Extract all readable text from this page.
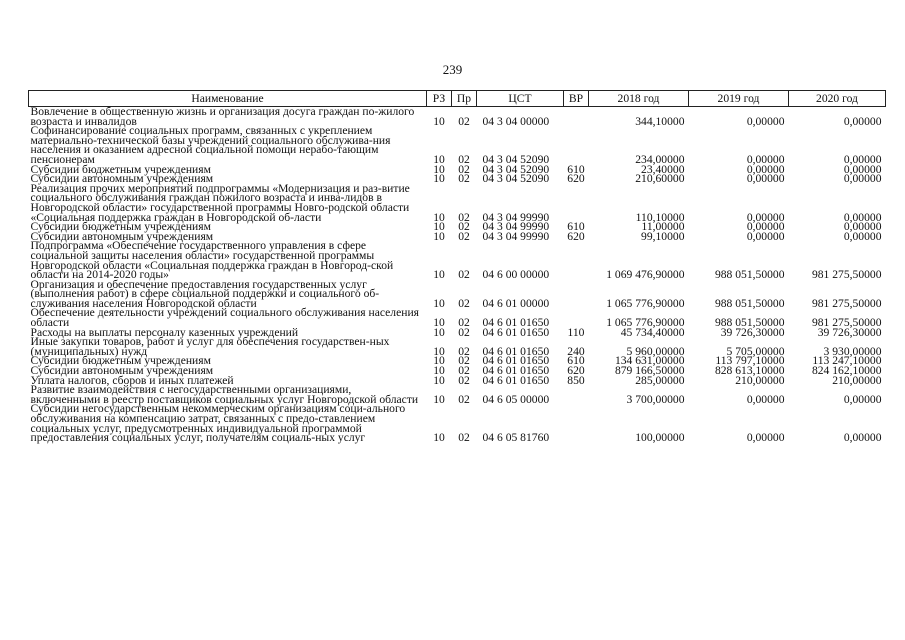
239
Наименование	РЗ	Пр	ЦСТ	ВР	2018 год	2019 год	2020 год
Вовлечение в общественную жизнь и организация досуга граждан по-жилого возраста и инвалидов	10	02	04 3 04 00000		344,10000	0,00000	0,00000
Софинансирование социальных программ, связанных с укреплением материально-технической базы учреждений социального обслужива-ния населения и оказанием адресной социальной помощи нерабо-тающим пенсионерам	10	02	04 3 04 52090		234,00000	0,00000	0,00000
Субсидии бюджетным учреждениям	10	02	04 3 04 52090	610	23,40000	0,00000	0,00000
Субсидии автономным учреждениям	10	02	04 3 04 52090	620	210,60000	0,00000	0,00000
Реализация прочих мероприятий подпрограммы «Модернизация и раз-витие социального обслуживания граждан пожилого возраста и инва-лидов в Новгородской области» государственной программы Новго-родской области «Социальная поддержка граждан в Новгородской об-ласти	10	02	04 3 04 99990		110,10000	0,00000	0,00000
Субсидии бюджетным учреждениям	10	02	04 3 04 99990	610	11,00000	0,00000	0,00000
Субсидии автономным учреждениям	10	02	04 3 04 99990	620	99,10000	0,00000	0,00000
Подпрограмма «Обеспечение государственного управления в сфере социальной защиты населения области» государственной программы Новгородской области «Социальная поддержка граждан в Новгород-ской области на 2014-2020 годы»	10	02	04 6 00 00000		1 069 476,90000	988 051,50000	981 275,50000
Организация и обеспечение предоставления государственных услуг (выполнения работ) в сфере социальной поддержки и социального об-служивания населения Новгородской области	10	02	04 6 01 00000		1 065 776,90000	988 051,50000	981 275,50000
Обеспечение деятельности учреждений социального обслуживания населения области	10	02	04 6 01 01650		1 065 776,90000	988 051,50000	981 275,50000
Расходы на выплаты персоналу казенных учреждений	10	02	04 6 01 01650	110	45 734,40000	39 726,30000	39 726,30000
Иные закупки товаров, работ и услуг для обеспечения государствен-ных (муниципальных) нужд	10	02	04 6 01 01650	240	5 960,00000	5 705,00000	3 930,00000
Субсидии бюджетным учреждениям	10	02	04 6 01 01650	610	134 631,00000	113 797,10000	113 247,10000
Субсидии автономным учреждениям	10	02	04 6 01 01650	620	879 166,50000	828 613,10000	824 162,10000
Уплата налогов, сборов и иных платежей	10	02	04 6 01 01650	850	285,00000	210,00000	210,00000
Развитие взаимодействия с негосударственными организациями, включенными в реестр поставщиков социальных услуг Новгородской области	10	02	04 6 05 00000		3 700,00000	0,00000	0,00000
Субсидии негосударственным некоммерческим организациям соци-ального обслуживания на компенсацию затрат, связанных с предо-ставлением социальных услуг, предусмотренных индивидуальной программой предоставления социальных услуг, получателям социаль-ных услуг	10	02	04 6 05 81760		100,00000	0,00000	0,00000
